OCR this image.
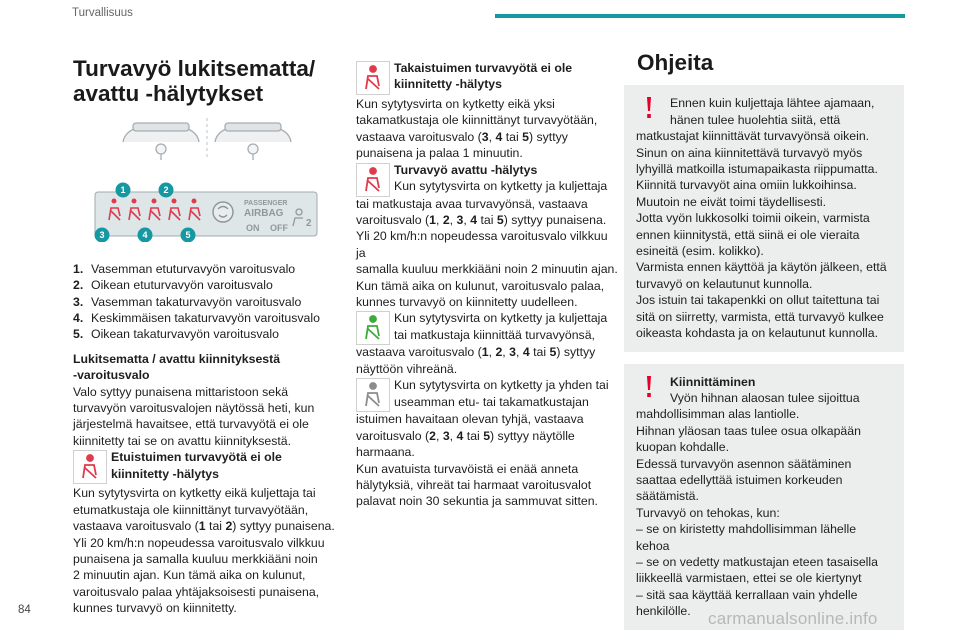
Turvallisuus
Turvavyö lukitsematta/
avattu -hälytykset

PASSENGER
AIRBAG
ON OFF 2
1	2
3	4	5
1. Vasemman etuturvavyön varoitusvalo
2. Oikean etuturvavyön varoitusvalo
3. Vasemman takaturvavyön varoitusvalo
4. Keskimmäisen takaturvavyön varoitusvalo
5. Oikean takaturvavyön varoitusvalo
Lukitsematta / avattu kiinnityksestä
-varoitusvalo
Valo syttyy punaisena mittaristoon sekä
turvavyön varoitusvalojen näytössä heti, kun
järjestelmä havaitsee, että turvavyötä ei ole
kiinnitetty tai se on avattu kiinnityksestä.
Etuistuimen turvavyötä ei ole
kiinnitetty -hälytys
Kun sytytysvirta on kytketty eikä kuljettaja tai
etumatkustaja ole kiinnittänyt turvavyötään,
vastaava varoitusvalo (1 tai 2) syttyy punaisena.
Yli 20 km/h:n nopeudessa varoitusvalo vilkkuu
punaisena ja samalla kuuluu merkkiääni noin
2 minuutin ajan. Kun tämä aika on kulunut,
varoitusvalo palaa yhtäjaksoisesti punaisena,
kunnes turvavyö on kiinnitetty.
Takaistuimen turvavyötä ei ole
kiinnitetty -hälytys
Kun sytytysvirta on kytketty eikä yksi
takamatkustaja ole kiinnittänyt turvavyötään,
vastaava varoitusvalo (3, 4 tai 5) syttyy
punaisena ja palaa 1 minuutin.
Turvavyö avattu -hälytys
Kun sytytysvirta on kytketty ja kuljettaja
tai matkustaja avaa turvavyönsä, vastaava
varoitusvalo (1, 2, 3, 4 tai 5) syttyy punaisena.
Yli 20 km/h:n nopeudessa varoitusvalo vilkkuu ja
samalla kuuluu merkkiääni noin 2 minuutin ajan.
Kun tämä aika on kulunut, varoitusvalo palaa,
kunnes turvavyö on kiinnitetty uudelleen.
Kun sytytysvirta on kytketty ja kuljettaja
tai matkustaja kiinnittää turvavyönsä,
vastaava varoitusvalo (1, 2, 3, 4 tai 5) syttyy
näyttöön vihreänä.
Kun sytytysvirta on kytketty ja yhden tai
useamman etu- tai takamatkustajan
istuimen havaitaan olevan tyhjä, vastaava
varoitusvalo (2, 3, 4 tai 5) syttyy näytölle
harmaana.
Kun avatuista turvavöistä ei enää anneta
hälytyksiä, vihreät tai harmaat varoitusvalot
palavat noin 30 sekuntia ja sammuvat sitten.
Ohjeita
Ennen kuin kuljettaja lähtee ajamaan,
hänen tulee huolehtia siitä, että
matkustajat kiinnittävät turvavyönsä oikein.
Sinun on aina kiinnitettävä turvavyö myös
lyhyillä matkoilla istumapaikasta riippumatta.
Kiinnitä turvavyöt aina omiin lukkoihinsa.
Muutoin ne eivät toimi täydellisesti.
Jotta vyön lukkosolki toimii oikein, varmista
ennen kiinnitystä, että siinä ei ole vieraita
esineitä (esim. kolikko).
Varmista ennen käyttöä ja käytön jälkeen, että
turvavyö on kelautunut kunnolla.
Jos istuin tai takapenkki on ollut taitettuna tai
sitä on siirretty, varmista, että turvavyö kulkee
oikeasta kohdasta ja on kelautunut kunnolla.
Kiinnittäminen
Vyön hihnan alaosan tulee sijoittua
mahdollisimman alas lantiolle.
Hihnan yläosan taas tulee osua olkapään
kuopan kohdalle.
Edessä turvavyön asennon säätäminen
saattaa edellyttää istuimen korkeuden
säätämistä.
Turvavyö on tehokas, kun:
– se on kiristetty mahdollisimman lähelle
kehoa
– se on vedetty matkustajan eteen tasaisella
liikkeellä varmistaen, ettei se ole kiertynyt
– sitä saa käyttää kerrallaan vain yhdelle
henkilölle.
84	carmanualsonline.info
